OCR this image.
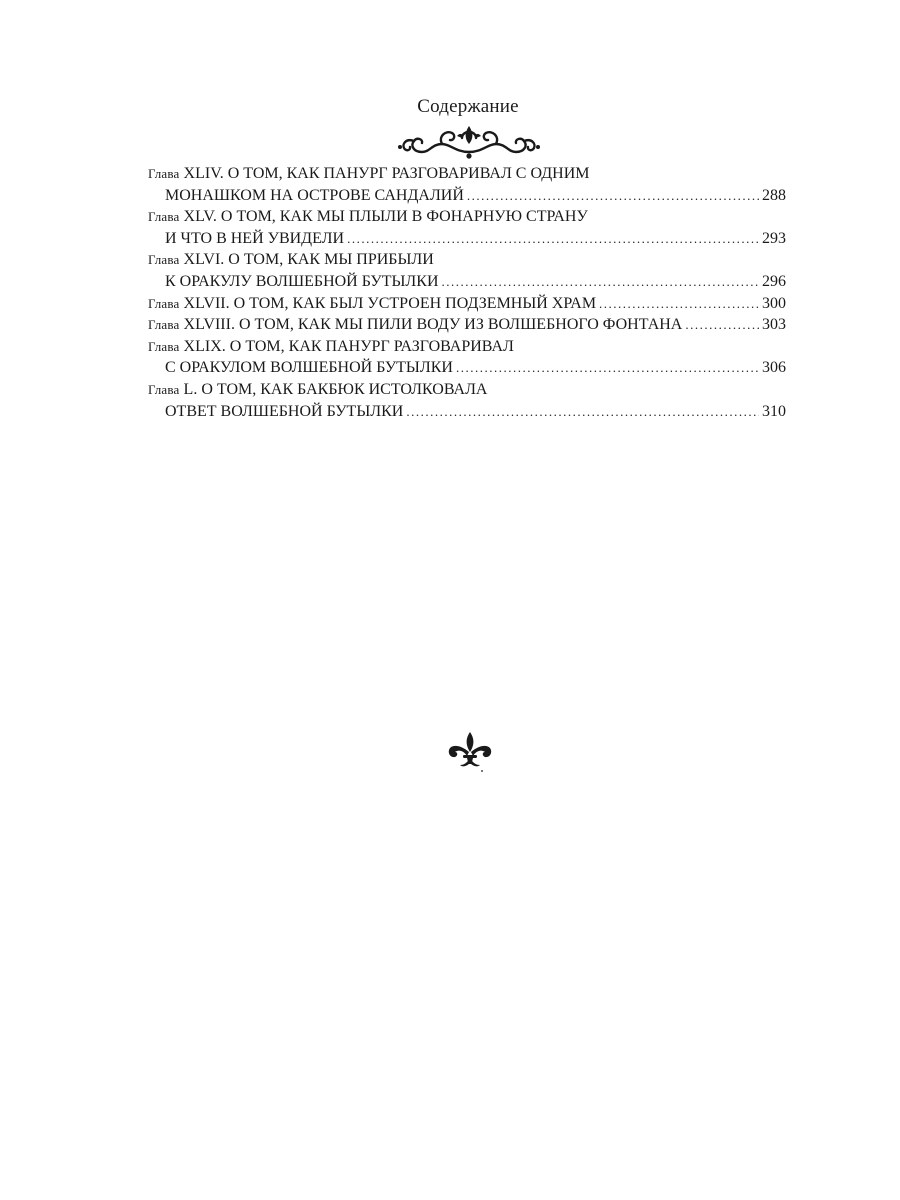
Содержание
Глава XLIV. О ТОМ, КАК ПАНУРГ РАЗГОВАРИВАЛ С ОДНИМ
МОНАШКОМ НА ОСТРОВЕ САНДАЛИЙ .....	288
Глава XLV. О ТОМ, КАК МЫ ПЛЫЛИ В ФОНАРНУЮ СТРАНУ
И ЧТО В НЕЙ УВИДЕЛИ .....	293
Глава XLVI. О ТОМ, КАК МЫ ПРИБЫЛИ
К ОРАКУЛУ ВОЛШЕБНОЙ БУТЫЛКИ .....	296
Глава XLVII. О ТОМ, КАК БЫЛ УСТРОЕН ПОДЗЕМНЫЙ ХРАМ .....	300
Глава XLVIII. О ТОМ, КАК МЫ ПИЛИ ВОДУ ИЗ ВОЛШЕБНОГО ФОНТАНА .....	303
Глава XLIX. О ТОМ, КАК ПАНУРГ РАЗГОВАРИВАЛ
С ОРАКУЛОМ ВОЛШЕБНОЙ БУТЫЛКИ .....	306
Глава L. О ТОМ, КАК БАКБЮК ИСТОЛКОВАЛА
ОТВЕТ ВОЛШЕБНОЙ БУТЫЛКИ .....	310
